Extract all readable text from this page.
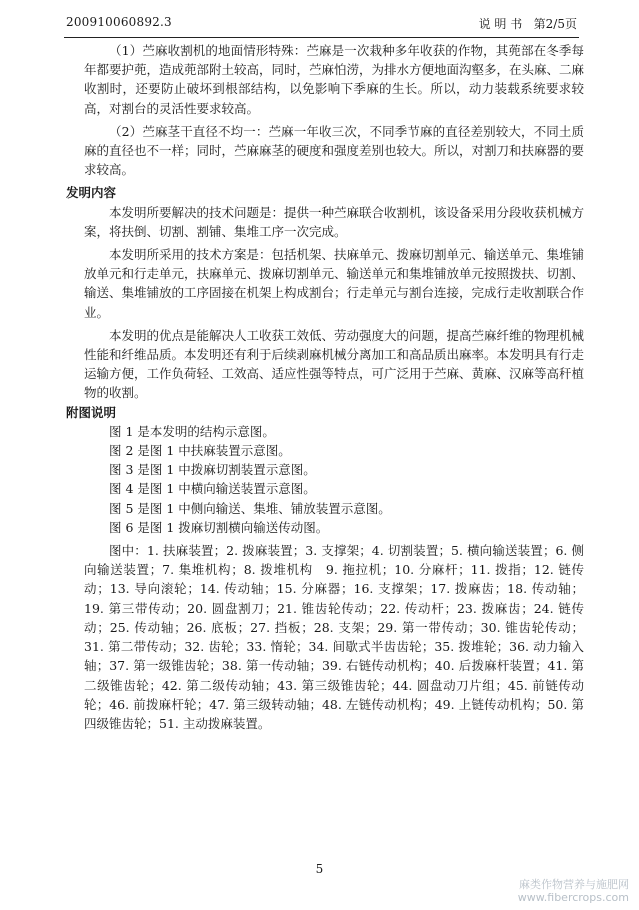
200910060892.3	说 明 书 第2/5页

（1）苎麻收割机的地面情形特殊：苎麻是一次栽种多年收获的作物，其蔸部在冬季每年都要护蔸，造成蔸部附土较高，同时，苎麻怕涝，为排水方便地面沟壑多，在头麻、二麻收割时，还要防止破坏到根部结构，以免影响下季麻的生长。所以，动力装载系统要求较高，对割台的灵活性要求较高。

（2）苎麻茎干直径不均一：苎麻一年收三次，不同季节麻的直径差别较大，不同土质麻的直径也不一样；同时，苎麻麻茎的硬度和强度差别也较大。所以，对割刀和扶麻器的要求较高。

发明内容

本发明所要解决的技术问题是：提供一种苎麻联合收割机，该设备采用分段收获机械方案，将扶倒、切割、割铺、集堆工序一次完成。

本发明所采用的技术方案是：包括机架、扶麻单元、拨麻切割单元、输送单元、集堆铺放单元和行走单元，扶麻单元、拨麻切割单元、输送单元和集堆铺放单元按照拨扶、切割、输送、集堆铺放的工序固接在机架上构成割台；行走单元与割台连接，完成行走收割联合作业。

本发明的优点是能解决人工收获工效低、劳动强度大的问题，提高苎麻纤维的物理机械性能和纤维品质。本发明还有利于后续剥麻机械分离加工和高品质出麻率。本发明具有行走运输方便，工作负荷轻、工效高、适应性强等特点，可广泛用于苎麻、黄麻、汉麻等高秆植物的收割。

附图说明

图 1 是本发明的结构示意图。

图 2 是图 1 中扶麻装置示意图。

图 3 是图 1 中拨麻切割装置示意图。

图 4 是图 1 中横向输送装置示意图。

图 5 是图 1 中侧向输送、集堆、铺放装置示意图。

图 6 是图 1 拨麻切割横向输送传动图。

图中：1. 扶麻装置；2. 拨麻装置；3. 支撑架；4. 切割装置；5. 横向输送装置；6. 侧向输送装置；7. 集堆机构；8. 拨堆机构　9. 拖拉机；10. 分麻杆；11. 拨指；12. 链传动；13. 导向滚轮；14. 传动轴；15. 分麻器；16. 支撑架；17. 拨麻齿；18. 传动轴；19. 第三带传动；20. 圆盘割刀；21. 锥齿轮传动；22. 传动杆；23. 拨麻齿；24. 链传动；25. 传动轴；26. 底板；27. 挡板；28. 支架；29. 第一带传动；30. 锥齿轮传动；31. 第二带传动；32. 齿轮；33. 惰轮；34. 间歇式半齿齿轮；35. 拨堆轮；36. 动力输入轴；37. 第一级锥齿轮；38. 第一传动轴；39. 右链传动机构；40. 后拨麻杆装置；41. 第二级锥齿轮；42. 第二级传动轴；43. 第三级锥齿轮；44. 圆盘动刀片组；45. 前链传动轮；46. 前拨麻杆轮；47. 第三级转动轴；48. 左链传动机构；49. 上链传动机构；50. 第四级锥齿轮；51. 主动拨麻装置。

5
麻类作物营养与施肥网
www.fibercrops.com
